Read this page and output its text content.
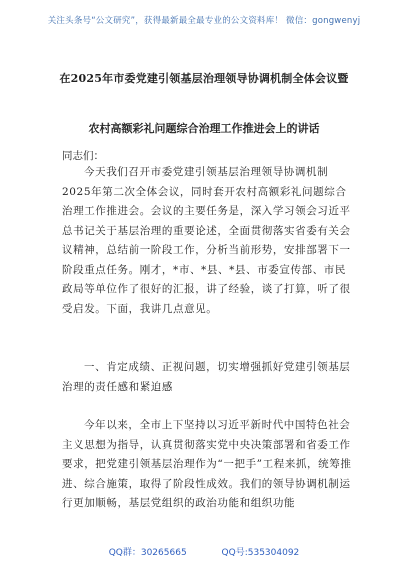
关注头条号“公文研究”，获得最新最全最专业的公文资料库！ 微信：gongwenyj
在2025年市委党建引领基层治理领导协调机制全体会议暨
农村高额彩礼问题综合治理工作推进会上的讲话
同志们：

今天我们召开市委党建引领基层治理领导协调机制2025年第二次全体会议，同时套开农村高额彩礼问题综合治理工作推进会。会议的主要任务是，深入学习领会习近平总书记关于基层治理的重要论述，全面贯彻落实省委有关会议精神，总结前一阶段工作，分析当前形势，安排部署下一阶段重点任务。刚才，*市、*县、*县、市委宣传部、市民政局等单位作了很好的汇报，讲了经验，谈了打算，听了很受启发。下面，我讲几点意见。

一、肯定成绩、正视问题，切实增强抓好党建引领基层治理的责任感和紧迫感

今年以来，全市上下坚持以习近平新时代中国特色社会主义思想为指导，认真贯彻落实党中央决策部署和省委工作要求，把党建引领基层治理作为“一把手”工程来抓，统筹推进、综合施策，取得了阶段性成效。我们的领导协调机制运行更加顺畅，基层党组织的政治功能和组织功能

QQ群：30265665	QQ号:535304092
